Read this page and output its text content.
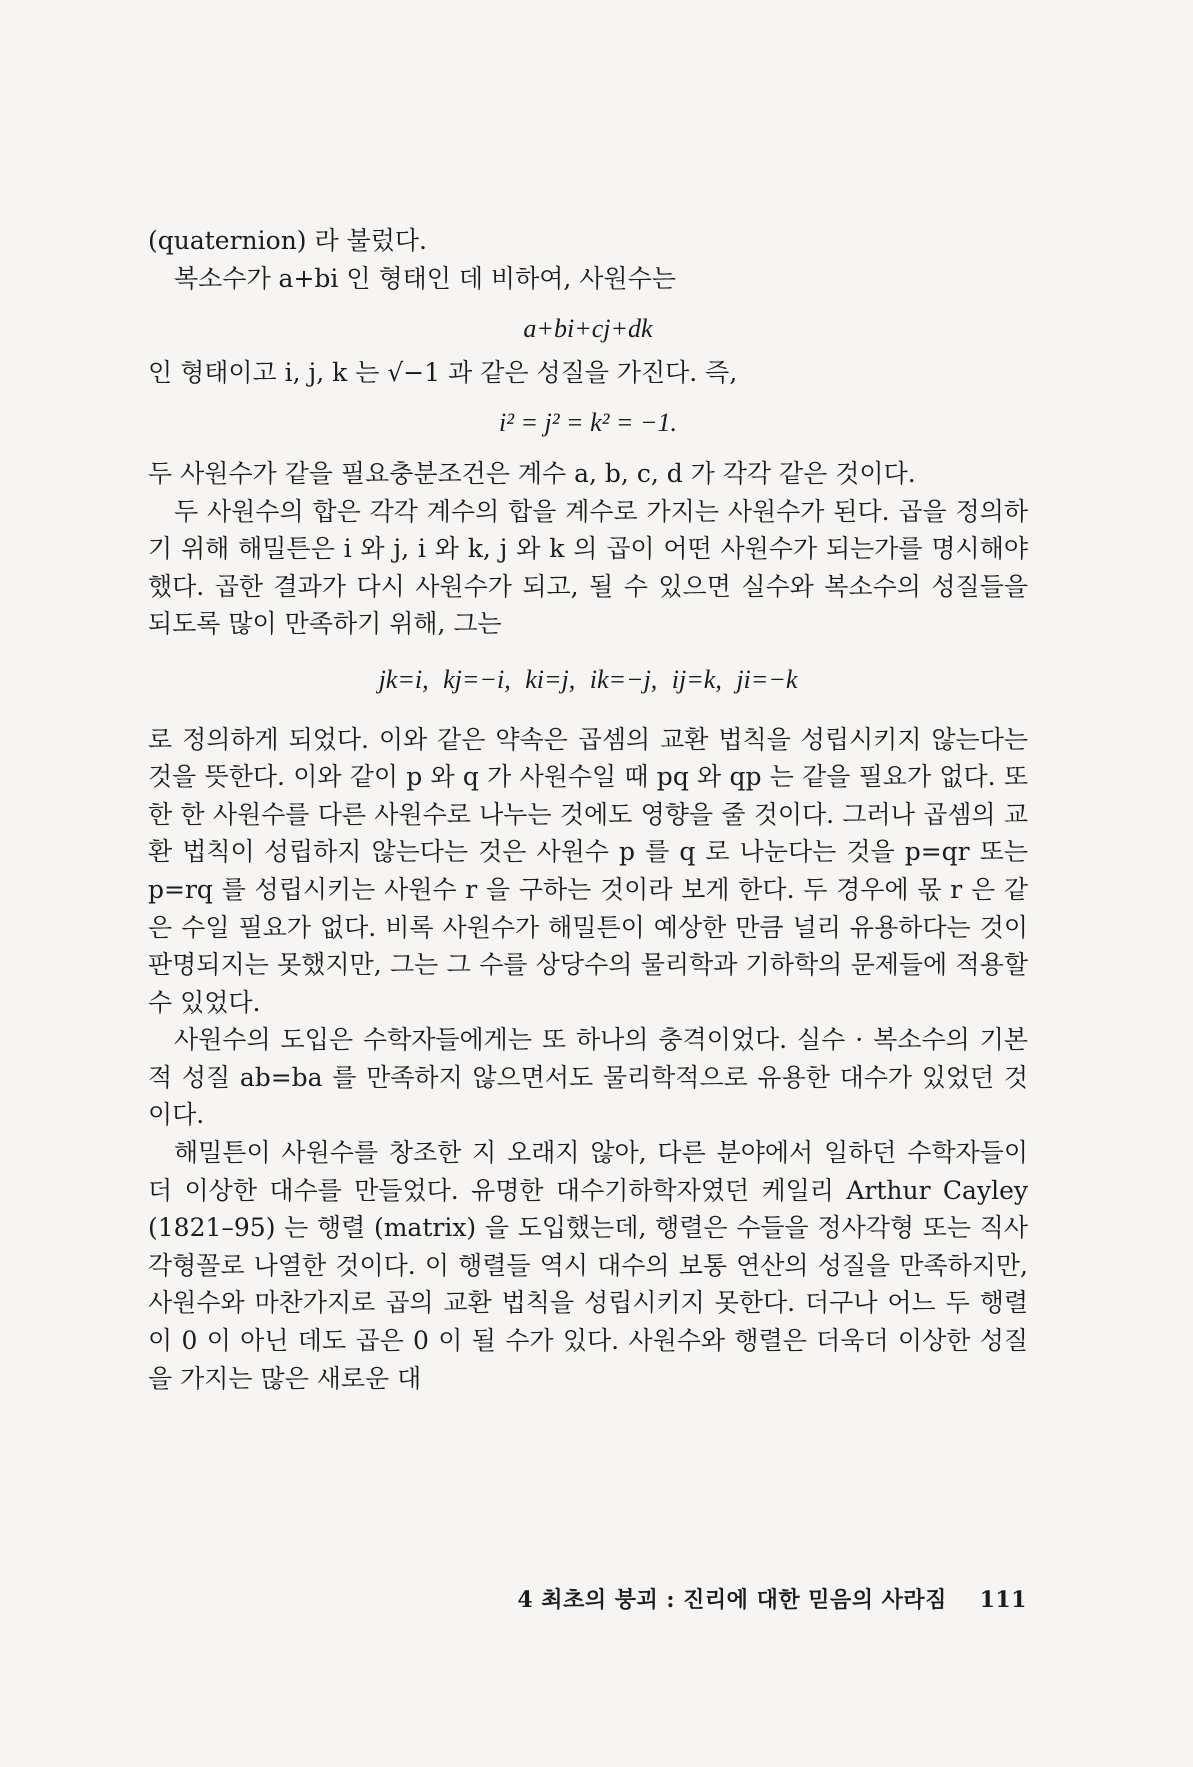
(quaternion) 라 불렀다.

복소수가 a+bi 인 형태인 데 비하여, 사원수는

a+bi+cj+dk

인 형태이고 i, j, k 는 √−1 과 같은 성질을 가진다. 즉,

i² = j² = k² = −1.

두 사원수가 같을 필요충분조건은 계수 a, b, c, d 가 각각 같은 것이다.

두 사원수의 합은 각각 계수의 합을 계수로 가지는 사원수가 된다. 곱을 정의하기 위해 해밀튼은 i 와 j, i 와 k, j 와 k 의 곱이 어떤 사원수가 되는가를 명시해야 했다. 곱한 결과가 다시 사원수가 되고, 될 수 있으면 실수와 복소수의 성질들을 되도록 많이 만족하기 위해, 그는

jk=i, kj=−i, ki=j, ik=−j, ij=k, ji=−k

로 정의하게 되었다. 이와 같은 약속은 곱셈의 교환 법칙을 성립시키지 않는다는 것을 뜻한다. 이와 같이 p 와 q 가 사원수일 때 pq 와 qp 는 같을 필요가 없다. 또한 한 사원수를 다른 사원수로 나누는 것에도 영향을 줄 것이다. 그러나 곱셈의 교환 법칙이 성립하지 않는다는 것은 사원수 p 를 q 로 나눈다는 것을 p=qr 또는 p=rq 를 성립시키는 사원수 r 을 구하는 것이라 보게 한다. 두 경우에 몫 r 은 같은 수일 필요가 없다. 비록 사원수가 해밀튼이 예상한 만큼 널리 유용하다는 것이 판명되지는 못했지만, 그는 그 수를 상당수의 물리학과 기하학의 문제들에 적용할 수 있었다.

사원수의 도입은 수학자들에게는 또 하나의 충격이었다. 실수 · 복소수의 기본적 성질 ab=ba 를 만족하지 않으면서도 물리학적으로 유용한 대수가 있었던 것이다.

해밀튼이 사원수를 창조한 지 오래지 않아, 다른 분야에서 일하던 수학자들이 더 이상한 대수를 만들었다. 유명한 대수기하학자였던 케일리 Arthur Cayley (1821–95) 는 행렬 (matrix) 을 도입했는데, 행렬은 수들을 정사각형 또는 직사각형꼴로 나열한 것이다. 이 행렬들 역시 대수의 보통 연산의 성질을 만족하지만, 사원수와 마찬가지로 곱의 교환 법칙을 성립시키지 못한다. 더구나 어느 두 행렬이 0 이 아닌 데도 곱은 0 이 될 수가 있다. 사원수와 행렬은 더욱더 이상한 성질을 가지는 많은 새로운 대

4 최초의 붕괴 : 진리에 대한 믿음의 사라짐 111
